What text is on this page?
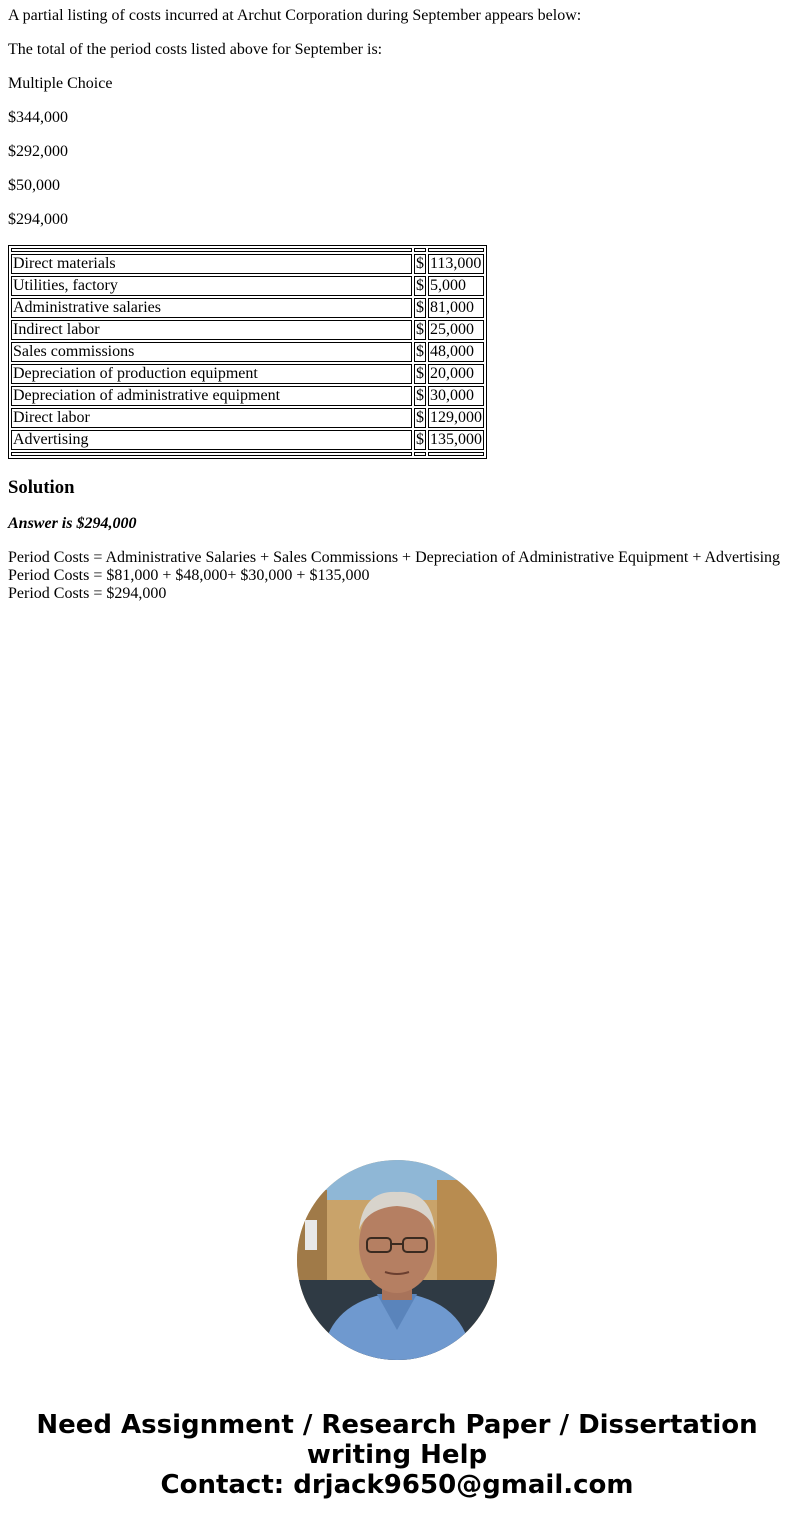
A partial listing of costs incurred at Archut Corporation during September appears below:

The total of the period costs listed above for September is:

Multiple Choice

$344,000

$292,000

$50,000

$294,000

Direct materials	$	113,000
Utilities, factory	$	5,000
Administrative salaries	$	81,000
Indirect labor	$	25,000
Sales commissions	$	48,000
Depreciation of production equipment	$	20,000
Depreciation of administrative equipment	$	30,000
Direct labor	$	129,000
Advertising	$	135,000

Solution

Answer is $294,000

Period Costs = Administrative Salaries + Sales Commissions + Depreciation of Administrative Equipment + Advertising
Period Costs = $81,000 + $48,000+ $30,000 + $135,000
Period Costs = $294,000
Need Assignment / Research Paper / Dissertation
writing Help
Contact: drjack9650@gmail.com
